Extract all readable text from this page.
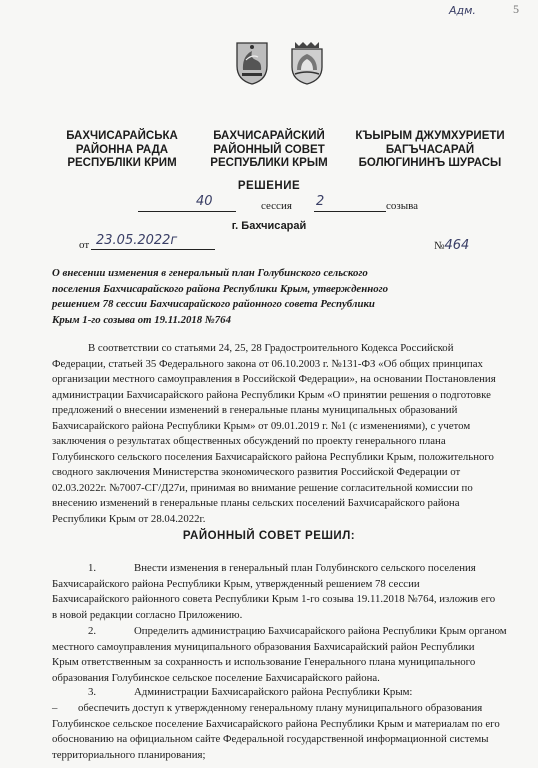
Адм.	5
БАХЧИСАРАЙСЬКА
РАЙОННА РАДА
РЕСПУБЛІКИ КРИМ
БАХЧИСАРАЙСКИЙ
РАЙОННЫЙ СОВЕТ
РЕСПУБЛИКИ КРЫМ
КЪЫРЫМ ДЖУМХУРИЕТИ
БАГЪЧАСАРАЙ
БОЛЮГИНИНЪ ШУРАСЫ
РЕШЕНИЕ
40	сессия 2	созыва
г. Бахчисарай
от 23.05.2022г	№464
О внесении изменения в генеральный план Голубинского сельского
поселения Бахчисарайского района Республики Крым, утвержденного
решением 78 сессии Бахчисарайского районного совета Республики
Крым 1-го созыва от 19.11.2018 №764
В соответствии со статьями 24, 25, 28 Градостроительного Кодекса Российской
Федерации, статьей 35 Федерального закона от 06.10.2003 г. №131-ФЗ «Об общих принципах
организации местного самоуправления в Российской Федерации», на основании Постановления
администрации Бахчисарайского района Республики Крым «О принятии решения о подготовке
предложений о внесении изменений в генеральные планы муниципальных образований
Бахчисарайского района Республики Крым» от 09.01.2019 г. №1 (с изменениями), с учетом
заключения о результатах общественных обсуждений по проекту генерального плана
Голубинского сельского поселения Бахчисарайского района Республики Крым, положительного
сводного заключения Министерства экономического развития Российской Федерации от
02.03.2022г. №7007-СГ/Д27и, принимая во внимание решение согласительной комиссии по
внесению изменений в генеральные планы сельских поселений Бахчисарайского района
Республики Крым от 28.04.2022г.
РАЙОННЫЙ СОВЕТ РЕШИЛ:
1.	Внести изменения в генеральный план Голубинского сельского поселения
Бахчисарайского района Республики Крым, утвержденный решением 78 сессии
Бахчисарайского районного совета Республики Крым 1-го созыва 19.11.2018 №764, изложив его
в новой редакции согласно Приложению.
2.	Определить администрацию Бахчисарайского района Республики Крым органом
местного самоуправления муниципального образования Бахчисарайский район Республики
Крым ответственным за сохранность и использование Генерального плана муниципального
образования Голубинское сельское поселение Бахчисарайского района.
3.	Администрации Бахчисарайского района Республики Крым:
–	обеспечить доступ к утвержденному генеральному плану муниципального образования
Голубинское сельское поселение Бахчисарайского района Республики Крым и материалам по его
обоснованию на официальном сайте Федеральной государственной информационной системы
территориального планирования;
